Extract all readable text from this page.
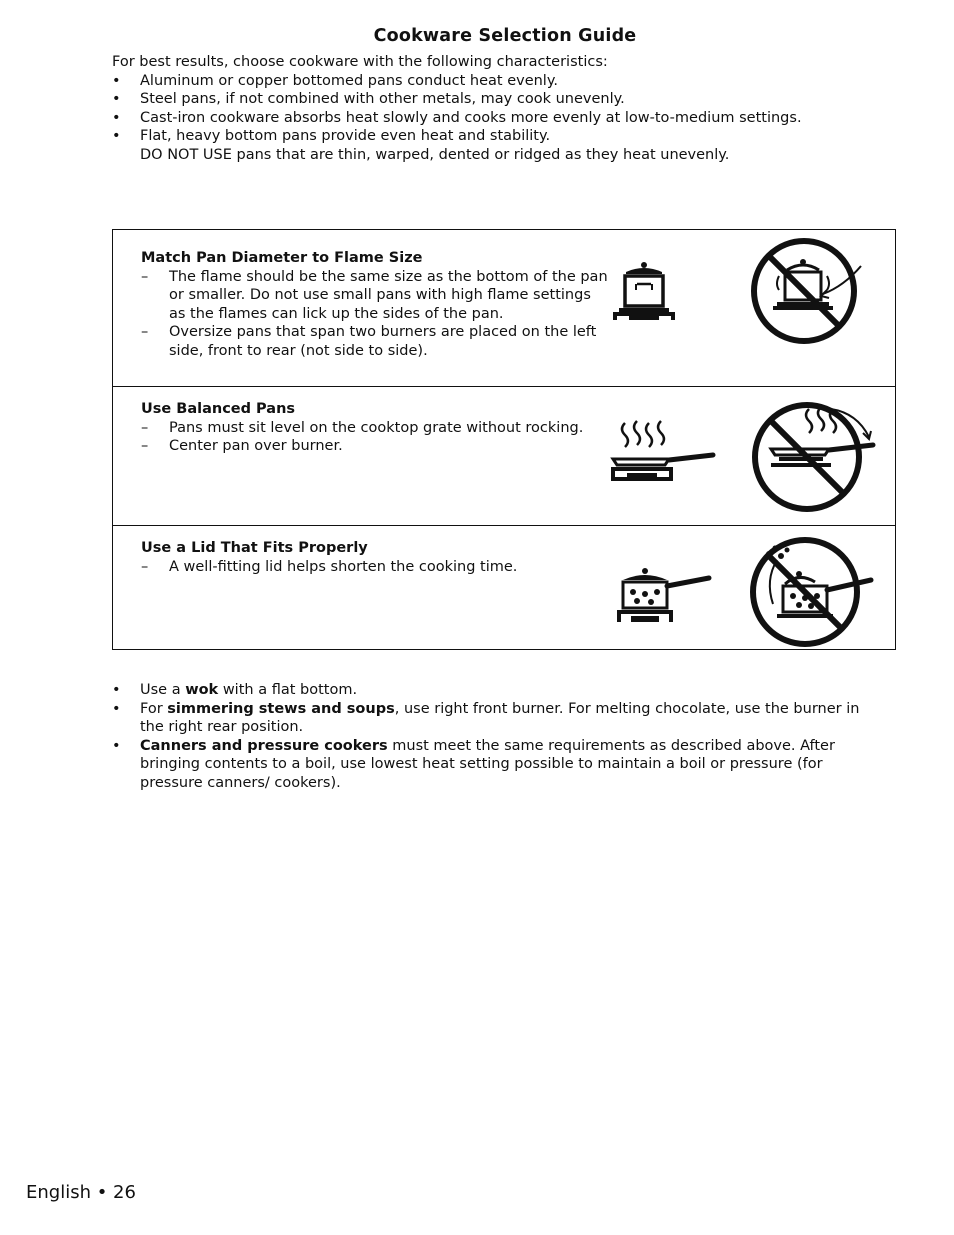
Cookware Selection Guide
For best results, choose cookware with the following characteristics:
• Aluminum or copper bottomed pans conduct heat evenly.
• Steel pans, if not combined with other metals, may cook unevenly.
• Cast-iron cookware absorbs heat slowly and cooks more evenly at low-to-medium settings.
• Flat, heavy bottom pans provide even heat and stability.
DO NOT USE pans that are thin, warped, dented or ridged as they heat unevenly.
Match Pan Diameter to Flame Size
– The flame should be the same size as the bottom of the pan or smaller. Do not use small pans with high flame settings as the flames can lick up the sides of the pan.
– Oversize pans that span two burners are placed on the left side, front to rear (not side to side).
Use Balanced Pans
– Pans must sit level on the cooktop grate without rocking.
– Center pan over burner.
Use a Lid That Fits Properly
– A well-fitting lid helps shorten the cooking time.
• Use a wok with a flat bottom.
• For simmering stews and soups, use right front burner. For melting chocolate, use the burner in the right rear position.
• Canners and pressure cookers must meet the same requirements as described above. After bringing contents to a boil, use lowest heat setting possible to maintain a boil or pressure (for pressure canners/ cookers).
English • 26
